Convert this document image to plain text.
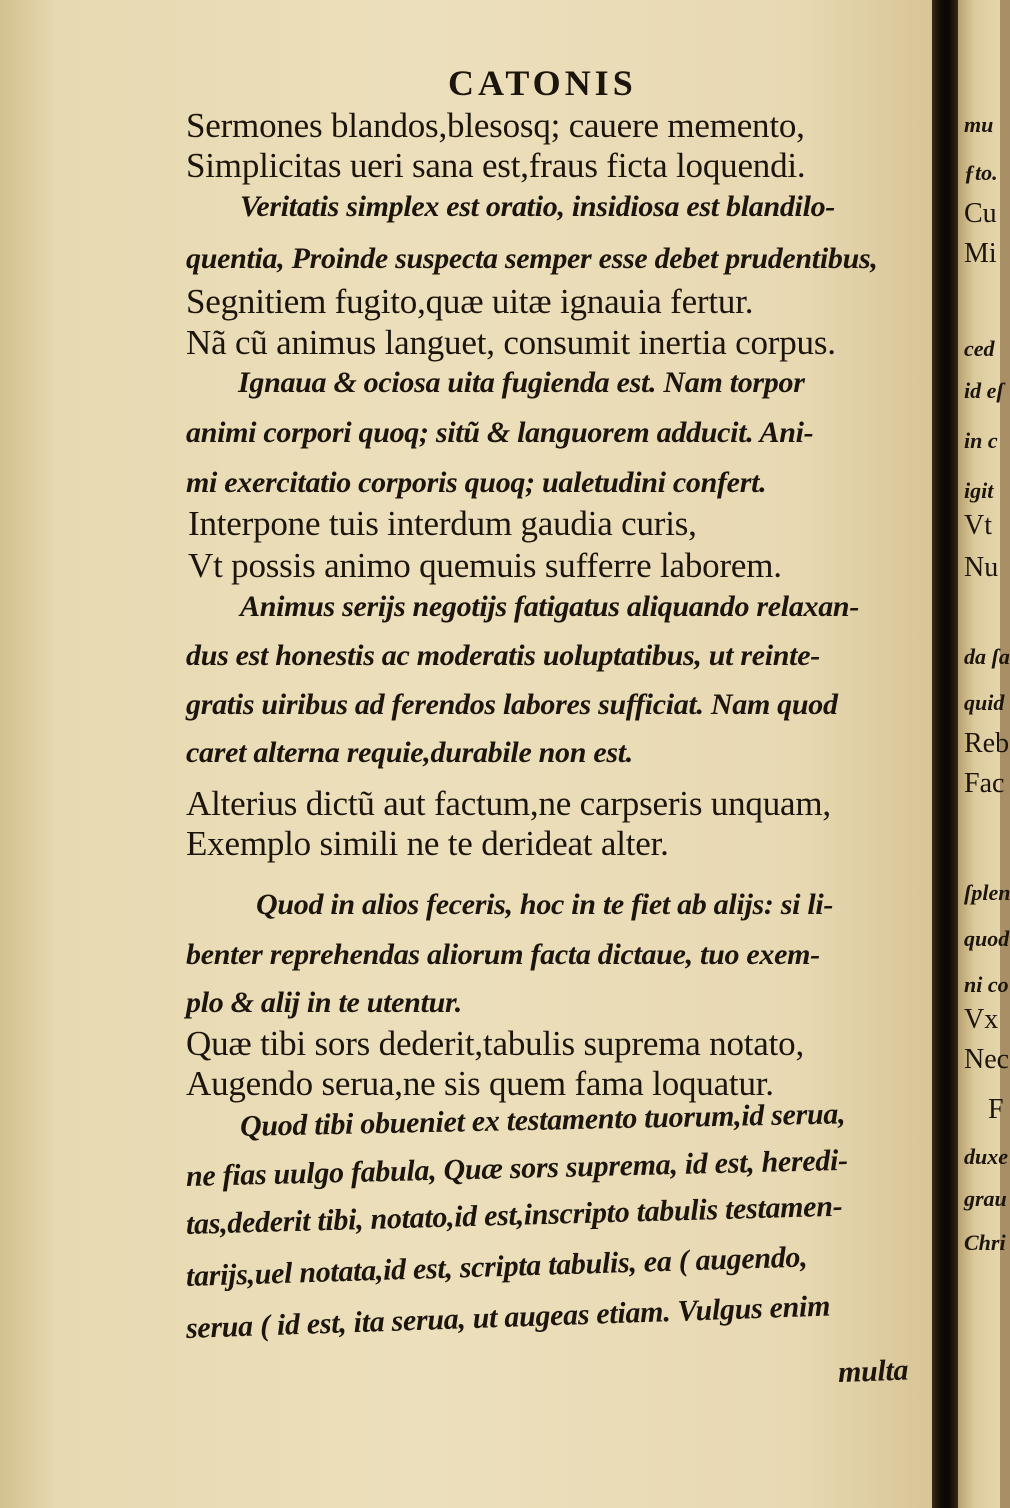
CATONIS
Sermones blandos,blesosq; cauere memento,
Simplicitas ueri sana est,fraus ficta loquendi.
Veritatis simplex est oratio, insidiosa est blandilo-
quentia, Proinde suspecta semper esse debet prudentibus,
Segnitiem fugito,quæ uitæ ignauia fertur.
Nã cũ animus languet, consumit inertia corpus.
Ignaua & ociosa uita fugienda est. Nam torpor
animi corpori quoq; sitũ & languorem adducit. Ani-
mi exercitatio corporis quoq; ualetudini confert.
Interpone tuis interdum gaudia curis,
Vt possis animo quemuis sufferre laborem.
Animus serijs negotijs fatigatus aliquando relaxan-
dus est honestis ac moderatis uoluptatibus, ut reinte-
gratis uiribus ad ferendos labores sufficiat. Nam quod
caret alterna requie,durabile non est.
Alterius dictũ aut factum,ne carpseris unquam,
Exemplo simili ne te derideat alter.
Quod in alios feceris, hoc in te fiet ab alijs: si li-
benter reprehendas aliorum facta dictaue, tuo exem-
plo & alij in te utentur.
Quæ tibi sors dederit,tabulis suprema notato,
Augendo serua,ne sis quem fama loquatur.
Quod tibi obueniet ex testamento tuorum,id serua,
ne fias uulgo fabula, Quæ sors suprema, id est, heredi-
tas,dederit tibi, notato,id est,inscripto tabulis testamen-
tarijs,uel notata,id est, scripta tabulis, ea ( augendo,
serua ( id est, ita serua, ut augeas etiam. Vulgus enim
multa
mu
ƒto.
Cu
Mi
ced
id eſ
in c
igit
Vt
Nu
da ſa
quid
Reb
Fac
ſplen
quod
ni co
Vx
Nec
F
duxe
grau
Chri
